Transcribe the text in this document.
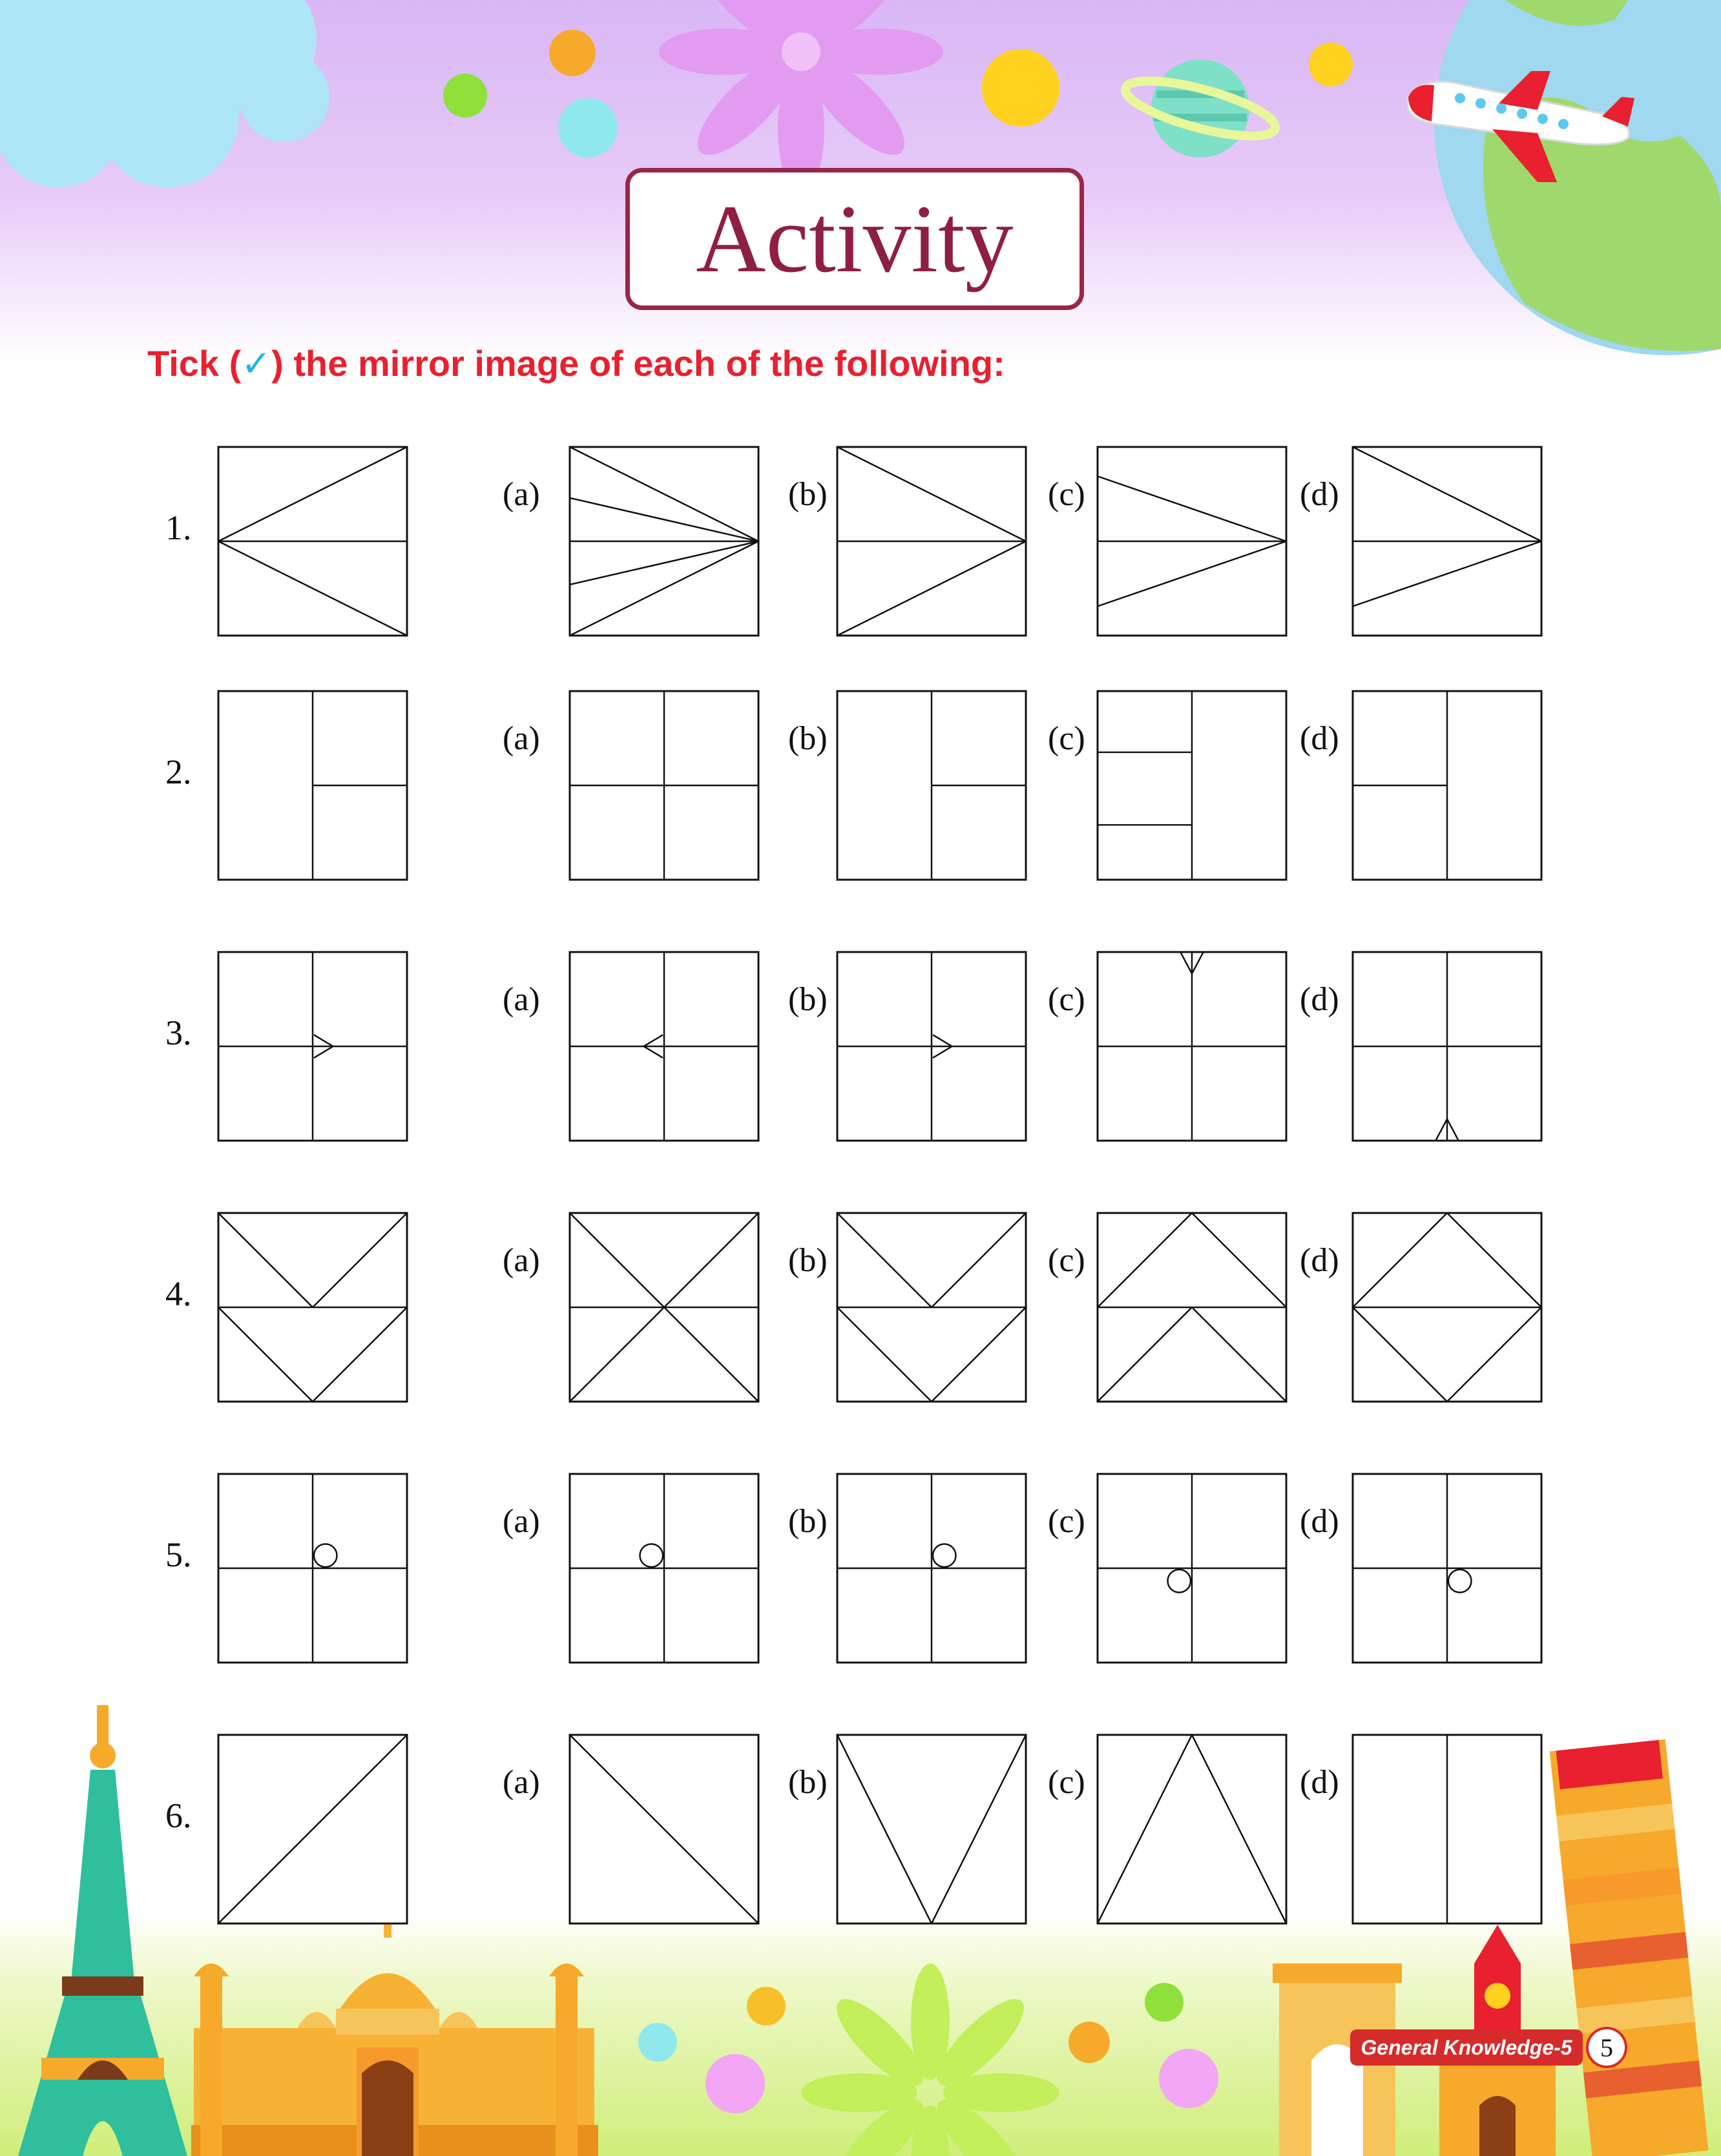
Activity
Tick (✓) the mirror image of each of the following:
1.
(a)	(b)	(c)	(d)
2.
(a)	(b)	(c)	(d)
3.
(a)	(b)	(c)	(d)
4.
(a)	(b)	(c)	(d)
5.
(a)	(b)	(c)	(d)
6.
(a)	(b)	(c)	(d)
General Knowledge-5	5
